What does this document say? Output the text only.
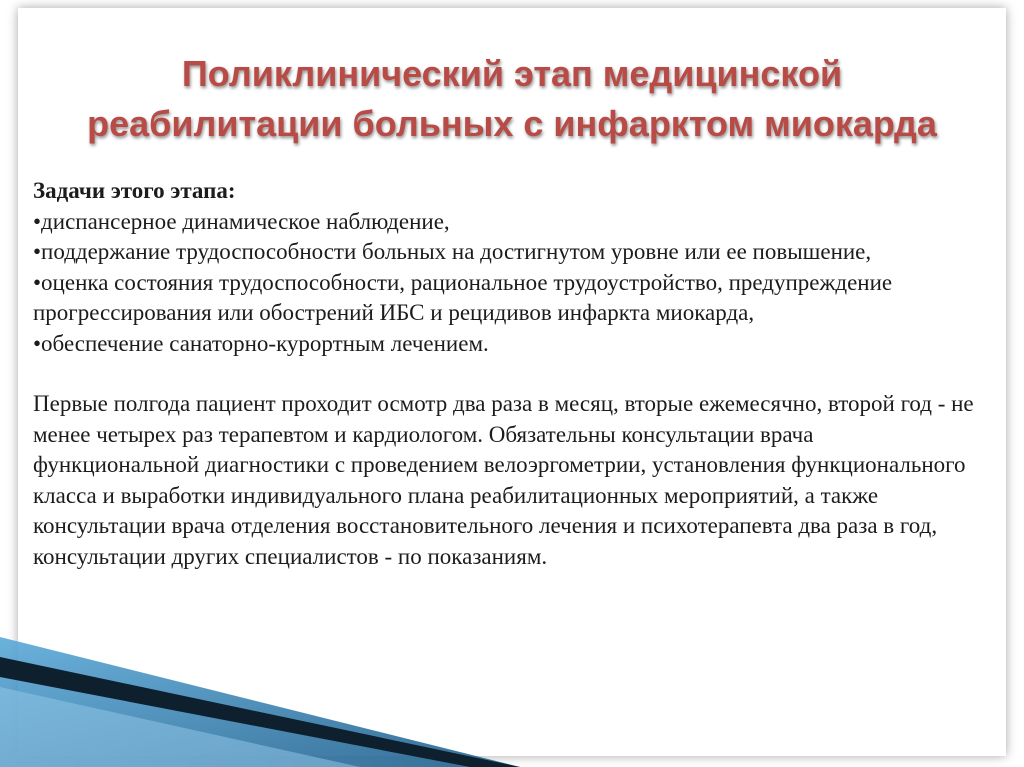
Поликлинический этап медицинской
реабилитации больных с инфарктом миокарда

Задачи этого этапа:

•диспансерное динамическое наблюдение,

•поддержание трудоспособности больных на достигнутом уровне или ее повышение,

•оценка состояния трудоспособности, рациональное трудоустройство, предупреждение прогрессирования или обострений ИБС и рецидивов инфаркта миокарда,

•обеспечение санаторно-курортным лечением.

Первые полгода пациент проходит осмотр два раза в месяц, вторые ежемесячно, второй год - не менее четырех раз терапевтом и кардиологом. Обязательны консультации врача функциональной диагностики с проведением велоэргометрии, установления функционального класса и выработки индивидуального плана реабилитационных мероприятий, а также консультации врача отделения восстановительного лечения и психотерапевта два раза в год, консультации других специалистов - по показаниям.
